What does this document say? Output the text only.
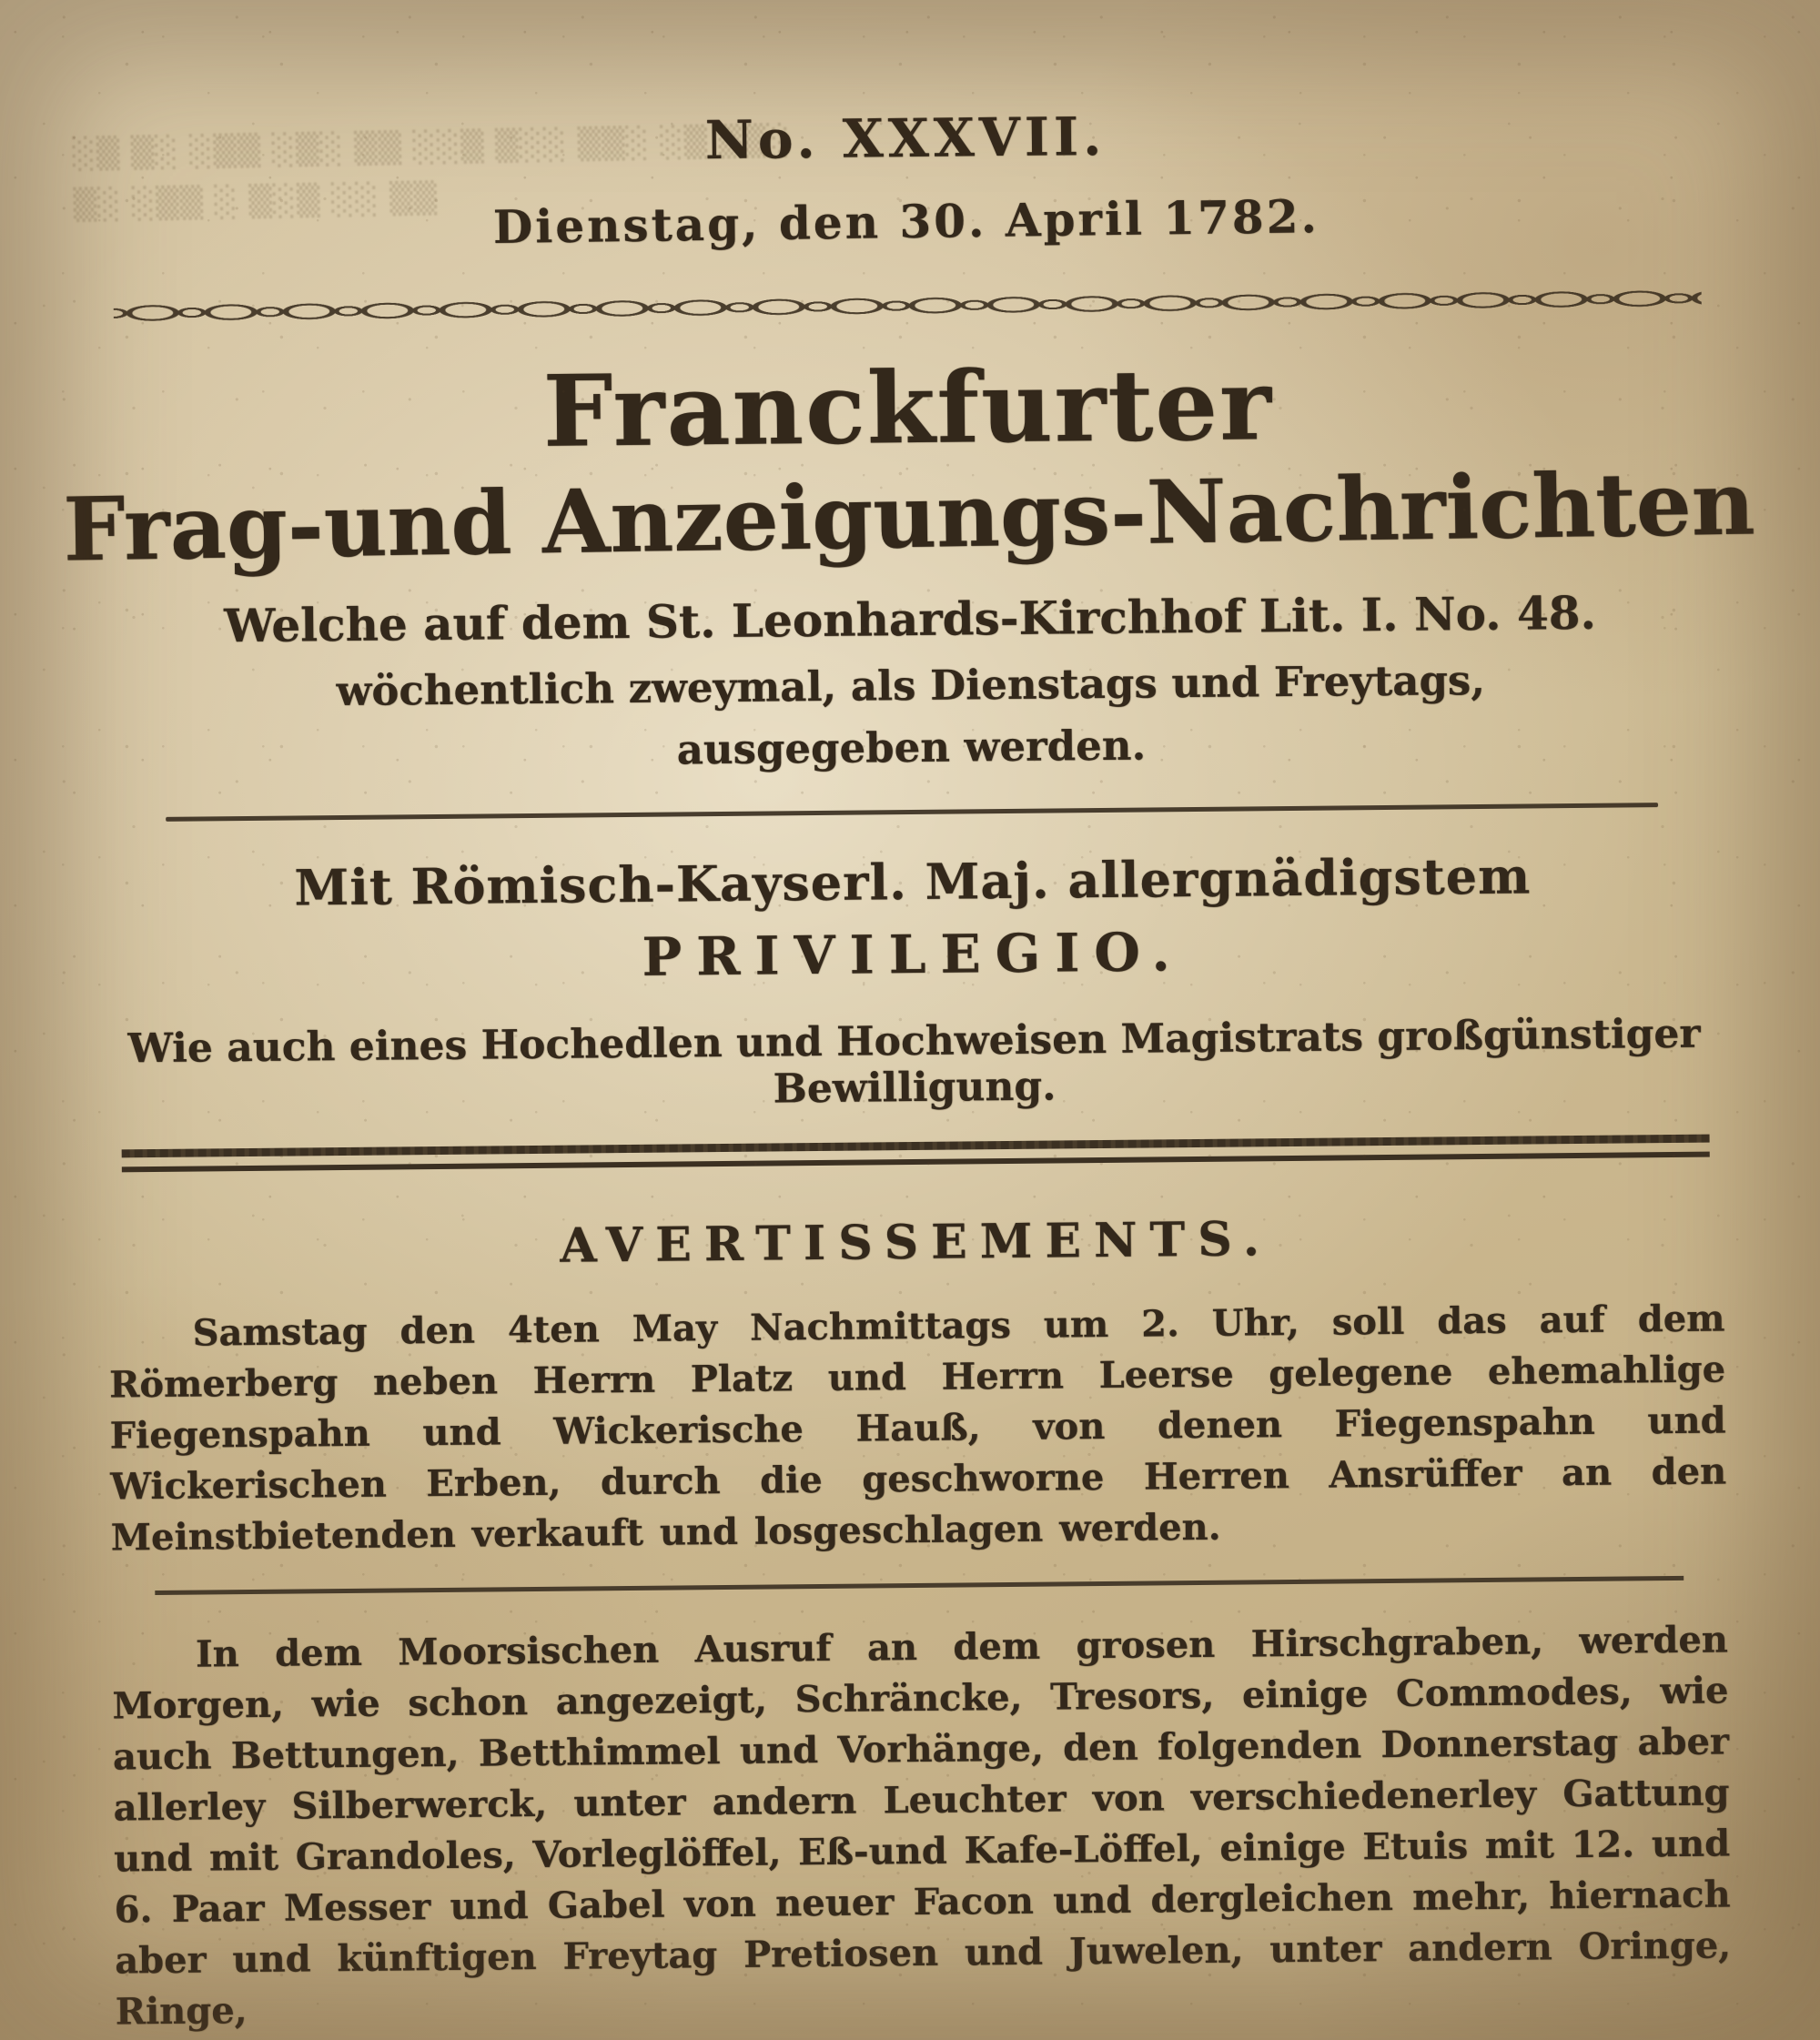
░▒ ▒░ ░▒▒ ░▒░ ▒▒ ░░▒ ▒░░ ▒▒░ ░▒ ▒▒░
▒░ ░▒▒ ░ ▒░▒ ░░ ▒▒
No. XXXVII.
Dienstag, den 30. April 1782.
Franckfurter
Frag-und Anzeigungs-Nachrichten
Welche auf dem St. Leonhards-Kirchhof Lit. I. No. 48.
wöchentlich zweymal, als Dienstags und Freytags,
ausgegeben werden.
Mit Römisch-Kayserl. Maj. allergnädigstem
PRIVILEGIO.
Wie auch eines Hochedlen und Hochweisen Magistrats großgünstiger Bewilligung.
AVERTISSEMENTS.
Samstag den 4ten May Nachmittags um 2. Uhr, soll das auf dem Römerberg neben Herrn Platz und Herrn Leerse gelegene ehemahlige Fiegenspahn und Wickerische Hauß, von denen Fiegenspahn und Wickerischen Erben, durch die geschworne Herren Ansrüffer an den Meinstbietenden verkauft und losgeschlagen werden.
In dem Moorsischen Ausruf an dem grosen Hirschgraben, werden Morgen, wie schon angezeigt, Schräncke, Tresors, einige Commodes, wie auch Bettungen, Betthimmel und Vorhänge, den folgenden Donnerstag aber allerley Silberwerck, unter andern Leuchter von verschiedenerley Gattung und mit Grandoles, Vorleglöffel, Eß-und Kafe-Löffel, einige Etuis mit 12. und 6. Paar Messer und Gabel von neuer Facon und dergleichen mehr, hiernach aber und künftigen Freytag Pretiosen und Juwelen, unter andern Oringe, Ringe,
